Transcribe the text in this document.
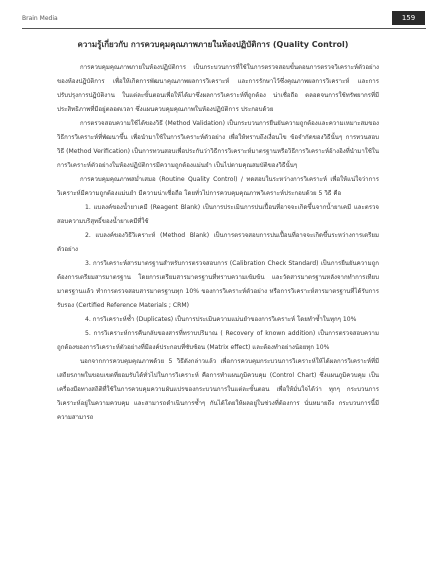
Brain Media	159
ความรู้เกี่ยวกับ การควบคุมคุณภาพภายในห้องปฏิบัติการ (Quality Control)

การควบคุมคุณภาพภายในห้องปฏิบัติการ เป็นกระบวนการที่ใช้ในการตรวจสอบขั้นตอนการตรวจวิเคราะห์ตัวอย่างของห้องปฏิบัติการ เพื่อให้เกิดการพัฒนาคุณภาพผลการวิเคราะห์ และการรักษาไว้ซึ่งคุณภาพผลการวิเคราะห์ และการปรับปรุงการปฏิบัติงาน ในแต่ละขั้นตอนเพื่อให้ได้มาซึ่งผลการวิเคราะห์ที่ถูกต้อง น่าเชื่อถือ ตลอดจนการใช้ทรัพยากรที่มีประสิทธิภาพที่มีอยู่ตลอดเวลา ซึ่งแผนควบคุมคุณภาพในห้องปฏิบัติการ ประกอบด้วย

การตรวจสอบความใช้ได้ของวิธี (Method Validation) เป็นกระบวนการยืนยันความถูกต้องและความเหมาะสมของวิธีการวิเคราะห์ที่พัฒนาขึ้น เพื่อนำมาใช้ในการวิเคราะห์ตัวอย่าง เพื่อให้ทราบถึงเงื่อนไข ข้อจำกัดของวิธีนั้นๆ การทวนสอบวิธี (Method Verification) เป็นการทวนสอบเพื่อประกันว่าวิธีการวิเคราะห์มาตรฐานหรือวิธีการวิเคราะห์อ้างอิงที่นำมาใช้ในการวิเคราะห์ตัวอย่างในห้องปฏิบัติการมีความถูกต้องแม่นยำ เป็นไปตามคุณสมบัติของวิธีนั้นๆ

การควบคุมคุณภาพสม่ำเสมอ (Routine Quality Control) / ทดสอบในระหว่างการวิเคราะห์ เพื่อให้แน่ใจว่าการวิเคราะห์มีความถูกต้องแม่นยำ มีความน่าเชื่อถือ โดยทั่วไปการควบคุมคุณภาพวิเคราะห์ประกอบด้วย 5 วิธี คือ

1. แบลงค์ของน้ำยาเคมี (Reagent Blank) เป็นการประเมินการปนเปื้อนที่อาจจะเกิดขึ้นจากน้ำยาเคมี และตรวจสอบความบริสุทธิ์ของน้ำยาเคมีที่ใช้

2. แบลงค์ของวิธีวิเคราะห์ (Method Blank) เป็นการตรวจสอบการปนเปื้อนที่อาจจะเกิดขึ้นระหว่างการเตรียมตัวอย่าง

3. การวิเคราะห์สารมาตรฐานสำหรับการตรวจสอบการ (Calibration Check Standard) เป็นการยืนยันความถูกต้องการเตรียมสารมาตรฐาน โดยการเตรียมสารมาตรฐานที่ทราบความเข้มข้น และวัดสารมาตรฐานหลังจากทำการเทียบมาตรฐานแล้ว ทำการตรวจสอบสารมาตรฐานทุก 10% ของการวิเคราะห์ตัวอย่าง หรือการวิเคราะห์สารมาตรฐานที่ได้รับการรับรอง (Certified Reference Materials ; CRM)

4. การวิเคราะห์ซ้ำ (Duplicates) เป็นการประเมินความแม่นยำของการวิเคราะห์ โดยทำซ้ำในทุกๆ 10%

5. การวิเคราะห์การคืนกลับของสารที่ทราบปริมาณ ( Recovery of known addition) เป็นการตรวจสอบความถูกต้องของการวิเคราะห์ตัวอย่างที่มีองค์ประกอบที่ซับซ้อน (Matrix effect) และต้องทำอย่างน้อยทุก 10%

นอกจากการควบคุมคุณภาพด้วย 5 วิธีดังกล่าวแล้ว เพื่อการควบคุมกระบวนการวิเคราะห์ให้ได้ผลการวิเคราะห์ที่มีเสถียรภาพในขอบเขตที่ยอมรับได้ทั่วไปในการวิเคราะห์ คือการทำแผนภูมิควบคุม (Control Chart) ซึ่งแผนภูมิควบคุม เป็นเครื่องมือทางสถิติที่ใช้ในการควบคุมความผันแปรของกระบวนการในแต่ละขั้นตอน เพื่อให้มั่นใจได้ว่า ทุกๆ กระบวนการวิเคราะห์อยู่ในความควบคุม และสามารถดำเนินการซ้ำๆ กันได้โดยให้ผลอยู่ในช่วงที่ต้องการ นั่นหมายถึง กระบวนการนี้มีความสามารถ
